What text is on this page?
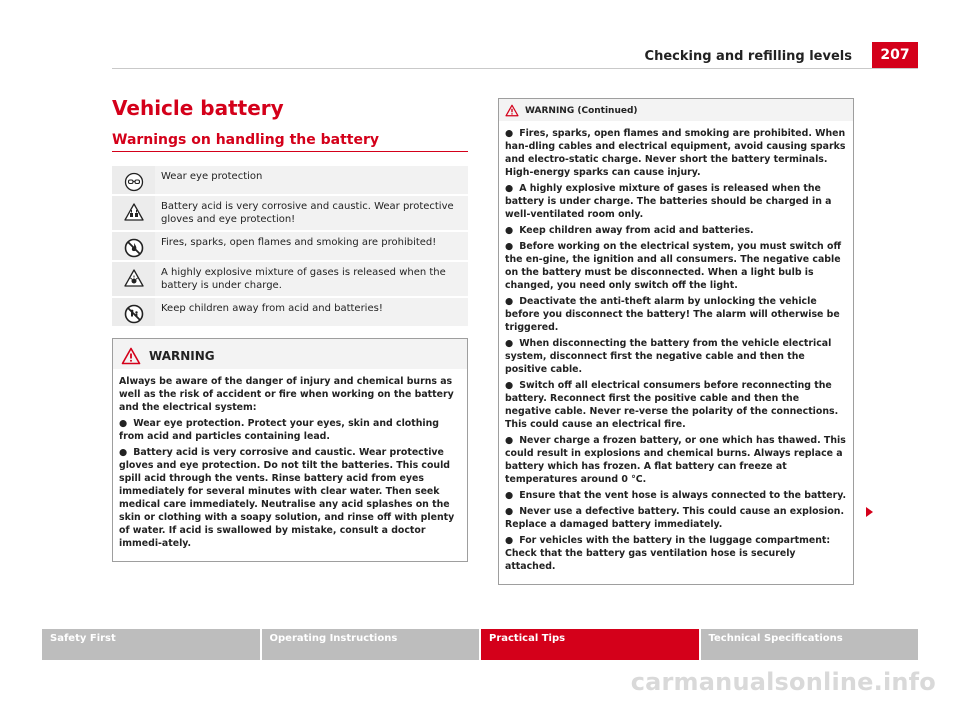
Checking and refilling levels 207
Vehicle battery
Warnings on handling the battery
Wear eye protection
Battery acid is very corrosive and caustic. Wear protective gloves and eye protection!
Fires, sparks, open flames and smoking are prohibited!
A highly explosive mixture of gases is released when the battery is under charge.
Keep children away from acid and batteries!
WARNING

Always be aware of the danger of injury and chemical burns as well as the risk of accident or fire when working on the battery and the electrical system:

● Wear eye protection. Protect your eyes, skin and clothing from acid and particles containing lead.

● Battery acid is very corrosive and caustic. Wear protective gloves and eye protection. Do not tilt the batteries. This could spill acid through the vents. Rinse battery acid from eyes immediately for several minutes with clear water. Then seek medical care immediately. Neutralise any acid splashes on the skin or clothing with a soapy solution, and rinse off with plenty of water. If acid is swallowed by mistake, consult a doctor immedi-ately.

WARNING (Continued)

● Fires, sparks, open flames and smoking are prohibited. When han-dling cables and electrical equipment, avoid causing sparks and electro-static charge. Never short the battery terminals. High-energy sparks can cause injury.

● A highly explosive mixture of gases is released when the battery is under charge. The batteries should be charged in a well-ventilated room only.

● Keep children away from acid and batteries.

● Before working on the electrical system, you must switch off the en-gine, the ignition and all consumers. The negative cable on the battery must be disconnected. When a light bulb is changed, you need only switch off the light.

● Deactivate the anti-theft alarm by unlocking the vehicle before you disconnect the battery! The alarm will otherwise be triggered.

● When disconnecting the battery from the vehicle electrical system, disconnect first the negative cable and then the positive cable.

● Switch off all electrical consumers before reconnecting the battery. Reconnect first the positive cable and then the negative cable. Never re-verse the polarity of the connections. This could cause an electrical fire.

● Never charge a frozen battery, or one which has thawed. This could result in explosions and chemical burns. Always replace a battery which has frozen. A flat battery can freeze at temperatures around 0 °C.

● Ensure that the vent hose is always connected to the battery.

● Never use a defective battery. This could cause an explosion. Replace a damaged battery immediately.

● For vehicles with the battery in the luggage compartment: Check that the battery gas ventilation hose is securely attached.

Safety First	Operating Instructions	Practical Tips	Technical Specifications
carmanualsonline.info
